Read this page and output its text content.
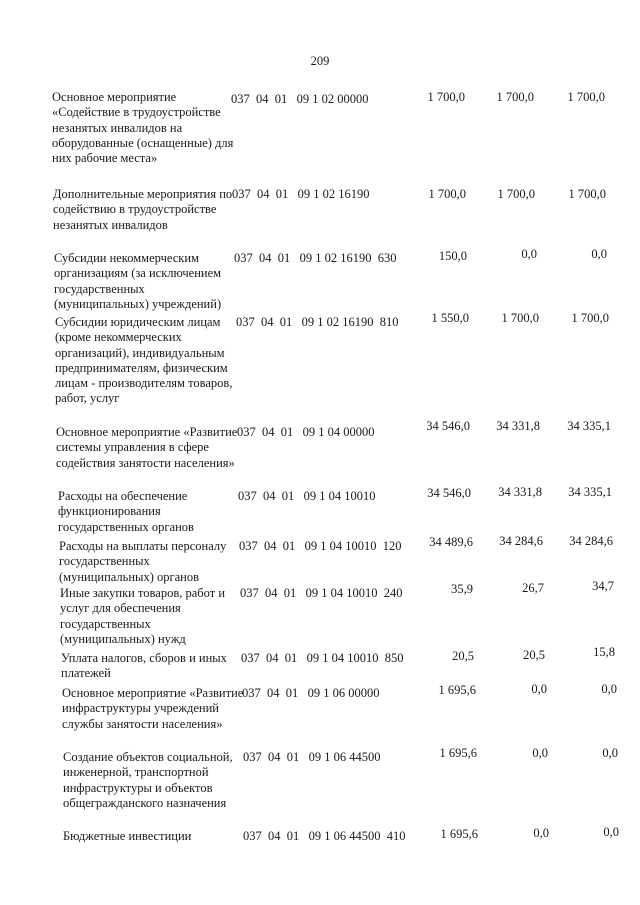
209
Основное мероприятие «Содействие в трудоустройстве незанятых инвалидов на оборудованные (оснащенные) для них рабочие места»
037  04  01   09 1 02 00000	1 700,0	1 700,0	1 700,0
Дополнительные мероприятия по содействию в трудоустройстве незанятых инвалидов
037  04  01   09 1 02 16190	1 700,0	1 700,0	1 700,0
Субсидии некоммерческим организациям (за исключением государственных (муниципальных) учреждений)
037  04  01   09 1 02 16190  630	150,0	0,0	0,0
Субсидии юридическим лицам (кроме некоммерческих организаций), индивидуальным предпринимателям, физическим лицам - производителям товаров, работ, услуг
037  04  01   09 1 02 16190  810	1 550,0	1 700,0	1 700,0
Основное мероприятие «Развитие системы управления в сфере содействия занятости населения»
037  04  01   09 1 04 00000	34 546,0	34 331,8	34 335,1
Расходы на обеспечение функционирования государственных органов
037  04  01   09 1 04 10010	34 546,0	34 331,8	34 335,1
Расходы на выплаты персоналу государственных (муниципальных) органов
037  04  01   09 1 04 10010  120	34 489,6	34 284,6	34 284,6
Иные закупки товаров, работ и услуг для обеспечения государственных (муниципальных) нужд
037  04  01   09 1 04 10010  240	35,9	26,7	34,7
Уплата налогов, сборов и иных платежей
037  04  01   09 1 04 10010  850	20,5	20,5	15,8
Основное мероприятие «Развитие инфраструктуры учреждений службы занятости населения»
037  04  01   09 1 06 00000	1 695,6	0,0	0,0
Создание объектов социальной, инженерной, транспортной инфраструктуры и объектов общегражданского назначения
037  04  01   09 1 06 44500	1 695,6	0,0	0,0
Бюджетные инвестиции	037  04  01   09 1 06 44500  410	1 695,6	0,0	0,0
